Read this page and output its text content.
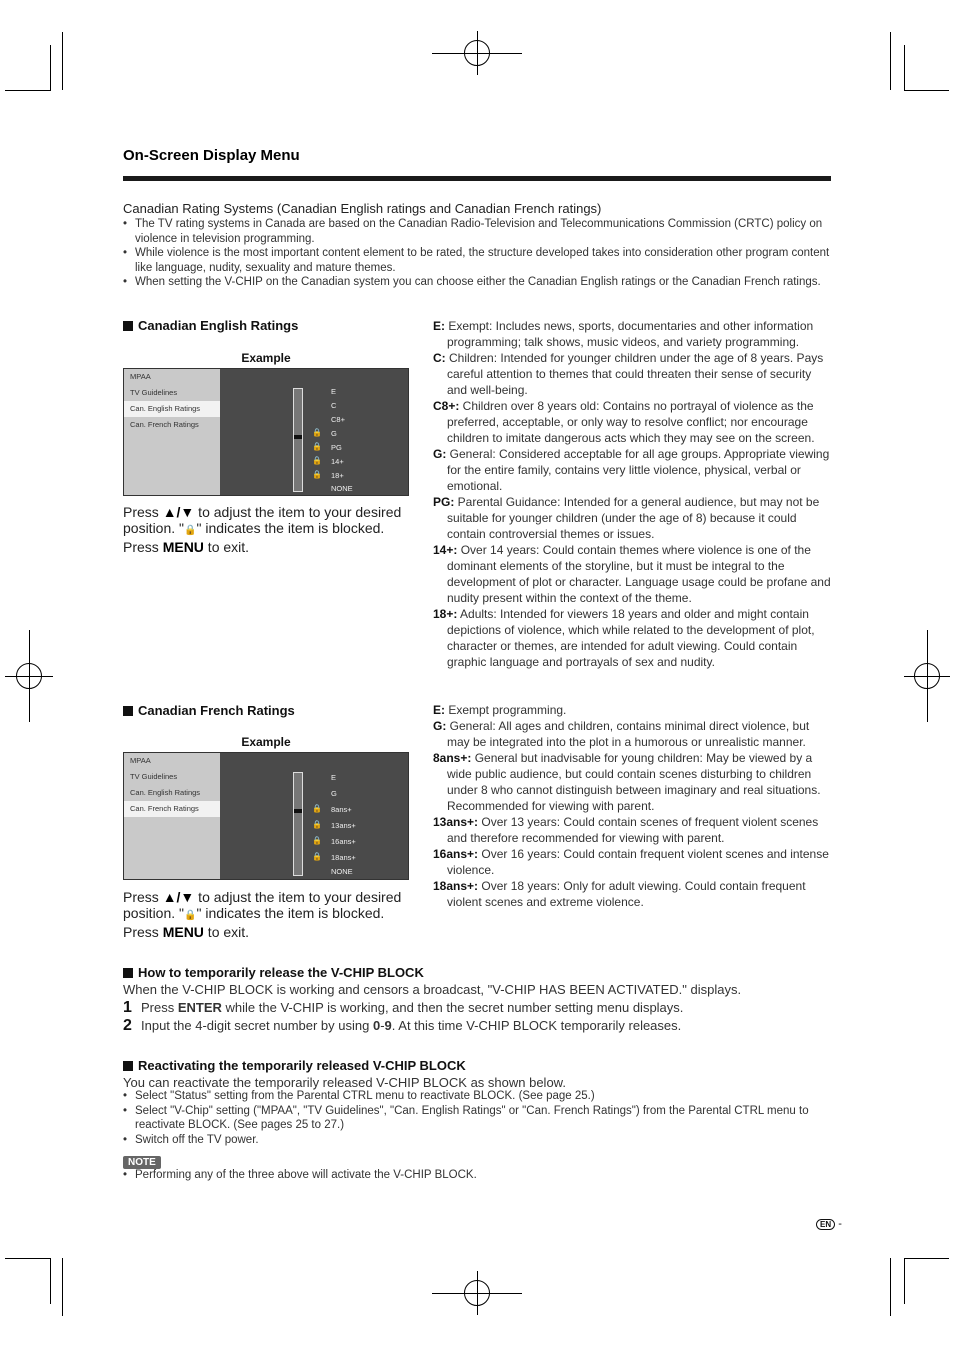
On-Screen Display Menu
Canadian Rating Systems (Canadian English ratings and Canadian French ratings)
• The TV rating systems in Canada are based on the Canadian Radio-Television and Telecommunications Commission (CRTC) policy on violence in television programming.
• While violence is the most important content element to be rated, the structure developed takes into consideration other program content like language, nudity, sexuality and mature themes.
• When setting the V-CHIP on the Canadian system you can choose either the Canadian English ratings or the Canadian French ratings.
Canadian English Ratings
Example
MPAA
TV Guidelines
Can. English Ratings
Can. French Ratings
E
C
C8+
🔒 G
🔒 PG
🔒 14+
🔒 18+
NONE
Press ▲/▼ to adjust the item to your desired position. "🔒" indicates the item is blocked. Press MENU to exit.

E: Exempt: Includes news, sports, documentaries and other information programming; talk shows, music videos, and variety programming.

C: Children: Intended for younger children under the age of 8 years. Pays careful attention to themes that could threaten their sense of security and well-being.

C8+: Children over 8 years old: Contains no portrayal of violence as the preferred, acceptable, or only way to resolve conflict; nor encourage children to imitate dangerous acts which they may see on the screen.

G: General: Considered acceptable for all age groups. Appropriate viewing for the entire family, contains very little violence, physical, verbal or emotional.

PG: Parental Guidance: Intended for a general audience, but may not be suitable for younger children (under the age of 8) because it could contain controversial themes or issues.

14+: Over 14 years: Could contain themes where violence is one of the dominant elements of the storyline, but it must be integral to the development of plot or character. Language usage could be profane and nudity present within the context of the theme.

18+: Adults: Intended for viewers 18 years and older and might contain depictions of violence, which while related to the development of plot, character or themes, are intended for adult viewing. Could contain graphic language and portrayals of sex and nudity.

Canadian French Ratings
Example
MPAA
TV Guidelines
Can. English Ratings
Can. French Ratings
E
G
🔒 8ans+
🔒 13ans+
🔒 16ans+
🔒 18ans+
NONE
Press ▲/▼ to adjust the item to your desired position. "🔒" indicates the item is blocked. Press MENU to exit.

E: Exempt programming.

G: General: All ages and children, contains minimal direct violence, but may be integrated into the plot in a humorous or unrealistic manner.

8ans+: General but inadvisable for young children: May be viewed by a wide public audience, but could contain scenes disturbing to children under 8 who cannot distinguish between imaginary and real situations.

Recommended for viewing with parent.

13ans+: Over 13 years: Could contain scenes of frequent violent scenes and therefore recommended for viewing with parent.

16ans+: Over 16 years: Could contain frequent violent scenes and intense violence.

18ans+: Over 18 years: Only for adult viewing. Could contain frequent violent scenes and extreme violence.

How to temporarily release the V-CHIP BLOCK
When the V-CHIP BLOCK is working and censors a broadcast, "V-CHIP HAS BEEN ACTIVATED." displays.
1 Press ENTER while the V-CHIP is working, and then the secret number setting menu displays.
2 Input the 4-digit secret number by using 0-9. At this time V-CHIP BLOCK temporarily releases.
Reactivating the temporarily released V-CHIP BLOCK
You can reactivate the temporarily released V-CHIP BLOCK as shown below.
• Select "Status" setting from the Parental CTRL menu to reactivate BLOCK. (See page 25.)
• Select "V-Chip" setting ("MPAA", "TV Guidelines", "Can. English Ratings" or "Can. French Ratings") from the Parental CTRL menu to reactivate BLOCK. (See pages 25 to 27.)
• Switch off the TV power.
NOTE
• Performing any of the three above will activate the V-CHIP BLOCK.
EN -
